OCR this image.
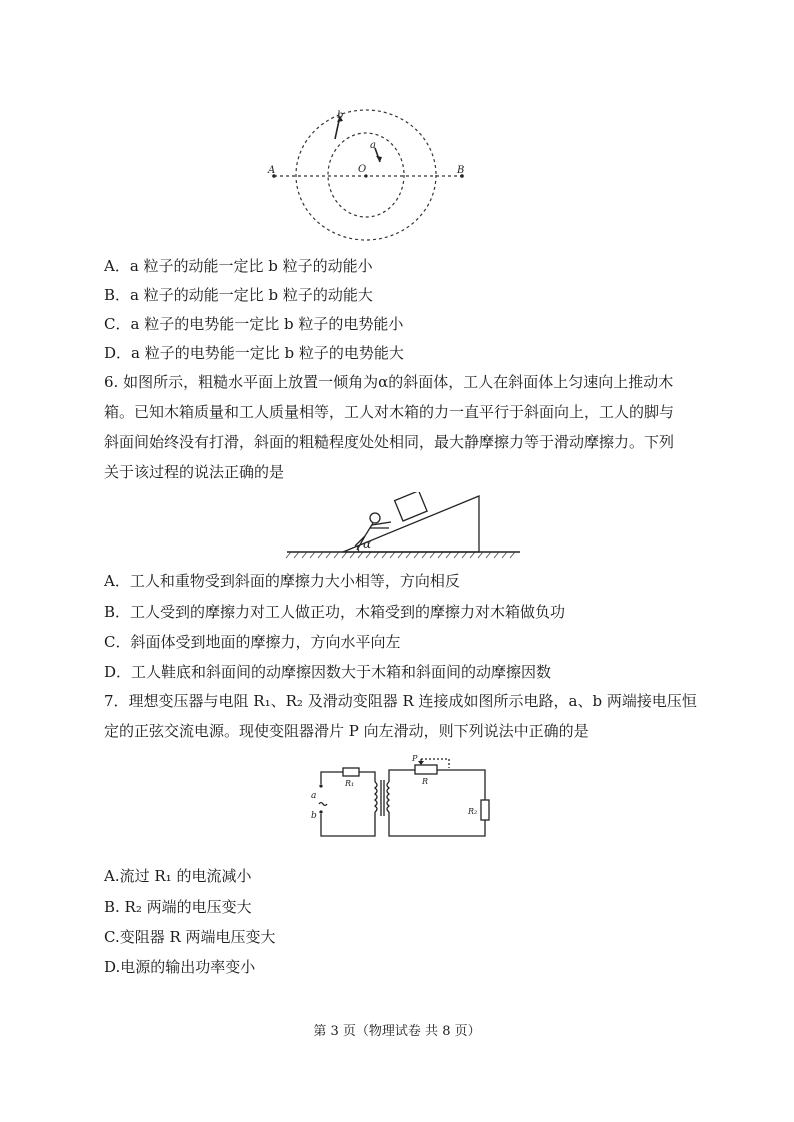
A	B
O
a
b
A．a 粒子的动能一定比 b 粒子的动能小
B．a 粒子的动能一定比 b 粒子的动能大
C．a 粒子的电势能一定比 b 粒子的电势能小
D．a 粒子的电势能一定比 b 粒子的电势能大
6. 如图所示，粗糙水平面上放置一倾角为α的斜面体，工人在斜面体上匀速向上推动木
箱。已知木箱质量和工人质量相等，工人对木箱的力一直平行于斜面向上，工人的脚与
斜面间始终没有打滑，斜面的粗糙程度处处相同，最大静摩擦力等于滑动摩擦力。下列
关于该过程的说法正确的是
α
A．工人和重物受到斜面的摩擦力大小相等，方向相反
B．工人受到的摩擦力对工人做正功，木箱受到的摩擦力对木箱做负功
C．斜面体受到地面的摩擦力，方向水平向左
D．工人鞋底和斜面间的动摩擦因数大于木箱和斜面间的动摩擦因数
7．理想变压器与电阻 R₁、R₂ 及滑动变阻器 R 连接成如图所示电路，a、b 两端接电压恒
定的正弦交流电源。现使变阻器滑片 P 向左滑动，则下列说法中正确的是
R₁
R₂
R
P
a
b
A.流过 R₁ 的电流减小
B. R₂ 两端的电压变大
C.变阻器 R 两端电压变大
D.电源的输出功率变小
第 3 页（物理试卷 共 8 页）
